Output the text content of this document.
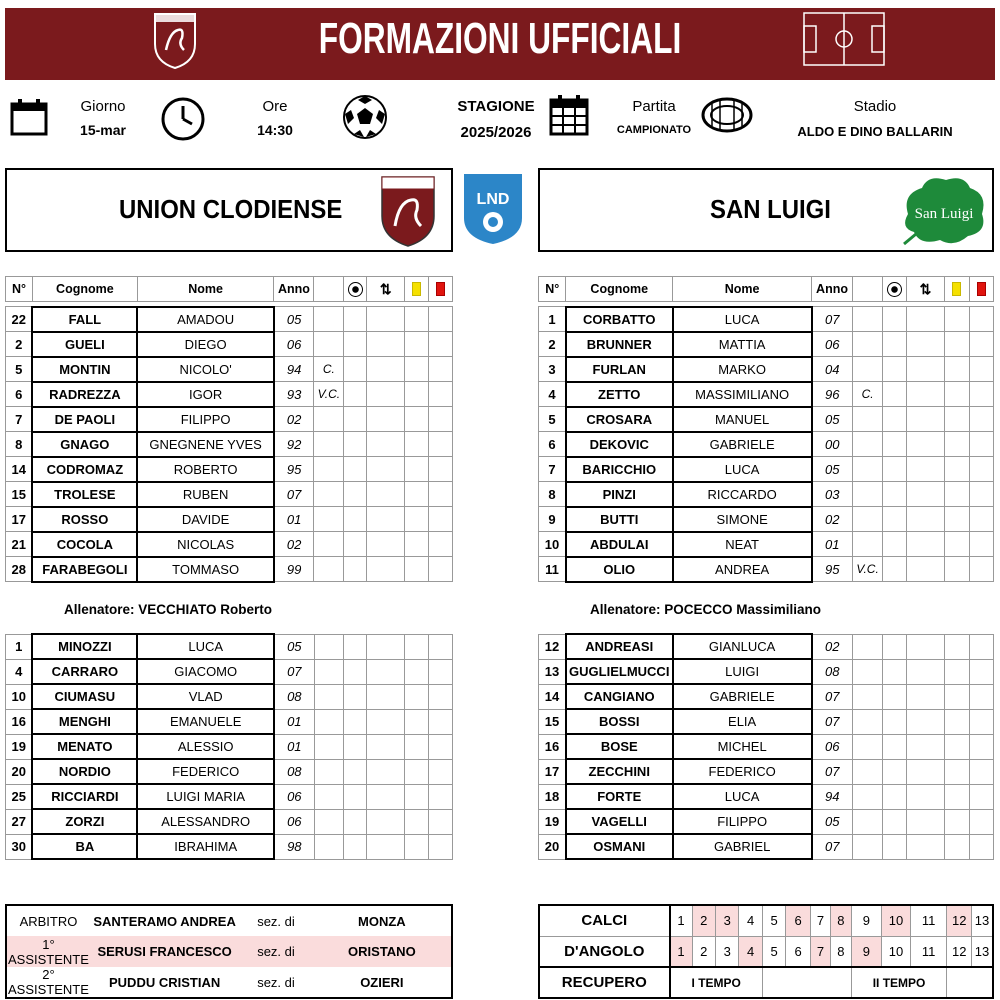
FORMAZIONI UFFICIALI
Giorno
15-mar
Ore
14:30
STAGIONE
2025/2026
Partita
CAMPIONATO
Stadio
ALDO E DINO BALLARIN
UNION CLODIENSE	LND	SAN LUIGI	San Luigi
N°	Cognome	Nome	Anno			⇅		

22	FALL	AMADOU	05					
2	GUELI	DIEGO	06					
5	MONTIN	NICOLO'	94	C.				
6	RADREZZA	IGOR	93	V.C.				
7	DE PAOLI	FILIPPO	02					
8	GNAGO	GNEGNENE YVES	92					
14	CODROMAZ	ROBERTO	95					
15	TROLESE	RUBEN	07					
17	ROSSO	DAVIDE	01					
21	COCOLA	NICOLAS	02					
28	FARABEGOLI	TOMMASO	99					
N°	Cognome	Nome	Anno			⇅		

1	CORBATTO	LUCA	07					
2	BRUNNER	MATTIA	06					
3	FURLAN	MARKO	04					
4	ZETTO	MASSIMILIANO	96	C.				
5	CROSARA	MANUEL	05					
6	DEKOVIC	GABRIELE	00					
7	BARICCHIO	LUCA	05					
8	PINZI	RICCARDO	03					
9	BUTTI	SIMONE	02					
10	ABDULAI	NEAT	01					
11	OLIO	ANDREA	95	V.C.				
1	MINOZZI	LUCA	05					
4	CARRARO	GIACOMO	07					
10	CIUMASU	VLAD	08					
16	MENGHI	EMANUELE	01					
19	MENATO	ALESSIO	01					
20	NORDIO	FEDERICO	08					
25	RICCIARDI	LUIGI MARIA	06					
27	ZORZI	ALESSANDRO	06					
30	BA	IBRAHIMA	98					
12	ANDREASI	GIANLUCA	02					
13	GUGLIELMUCCI	LUIGI	08					
14	CANGIANO	GABRIELE	07					
15	BOSSI	ELIA	07					
16	BOSE	MICHEL	06					
17	ZECCHINI	FEDERICO	07					
18	FORTE	LUCA	94					
19	VAGELLI	FILIPPO	05					
20	OSMANI	GABRIEL	07					
Allenatore: VECCHIATO Roberto	Allenatore: POCECCO Massimiliano
ARBITRO	SANTERAMO ANDREA	sez. di	MONZA
1° ASSISTENTE	SERUSI FRANCESCO	sez. di	ORISTANO
2° ASSISTENTE	PUDDU CRISTIAN	sez. di	OZIERI
CALCI	1	2	3	4	5	6	7	8	9	10	11	12	13
D'ANGOLO	1	2	3	4	5	6	7	8	9	10	11	12	13
RECUPERO	I TEMPO								II TEMPO				
